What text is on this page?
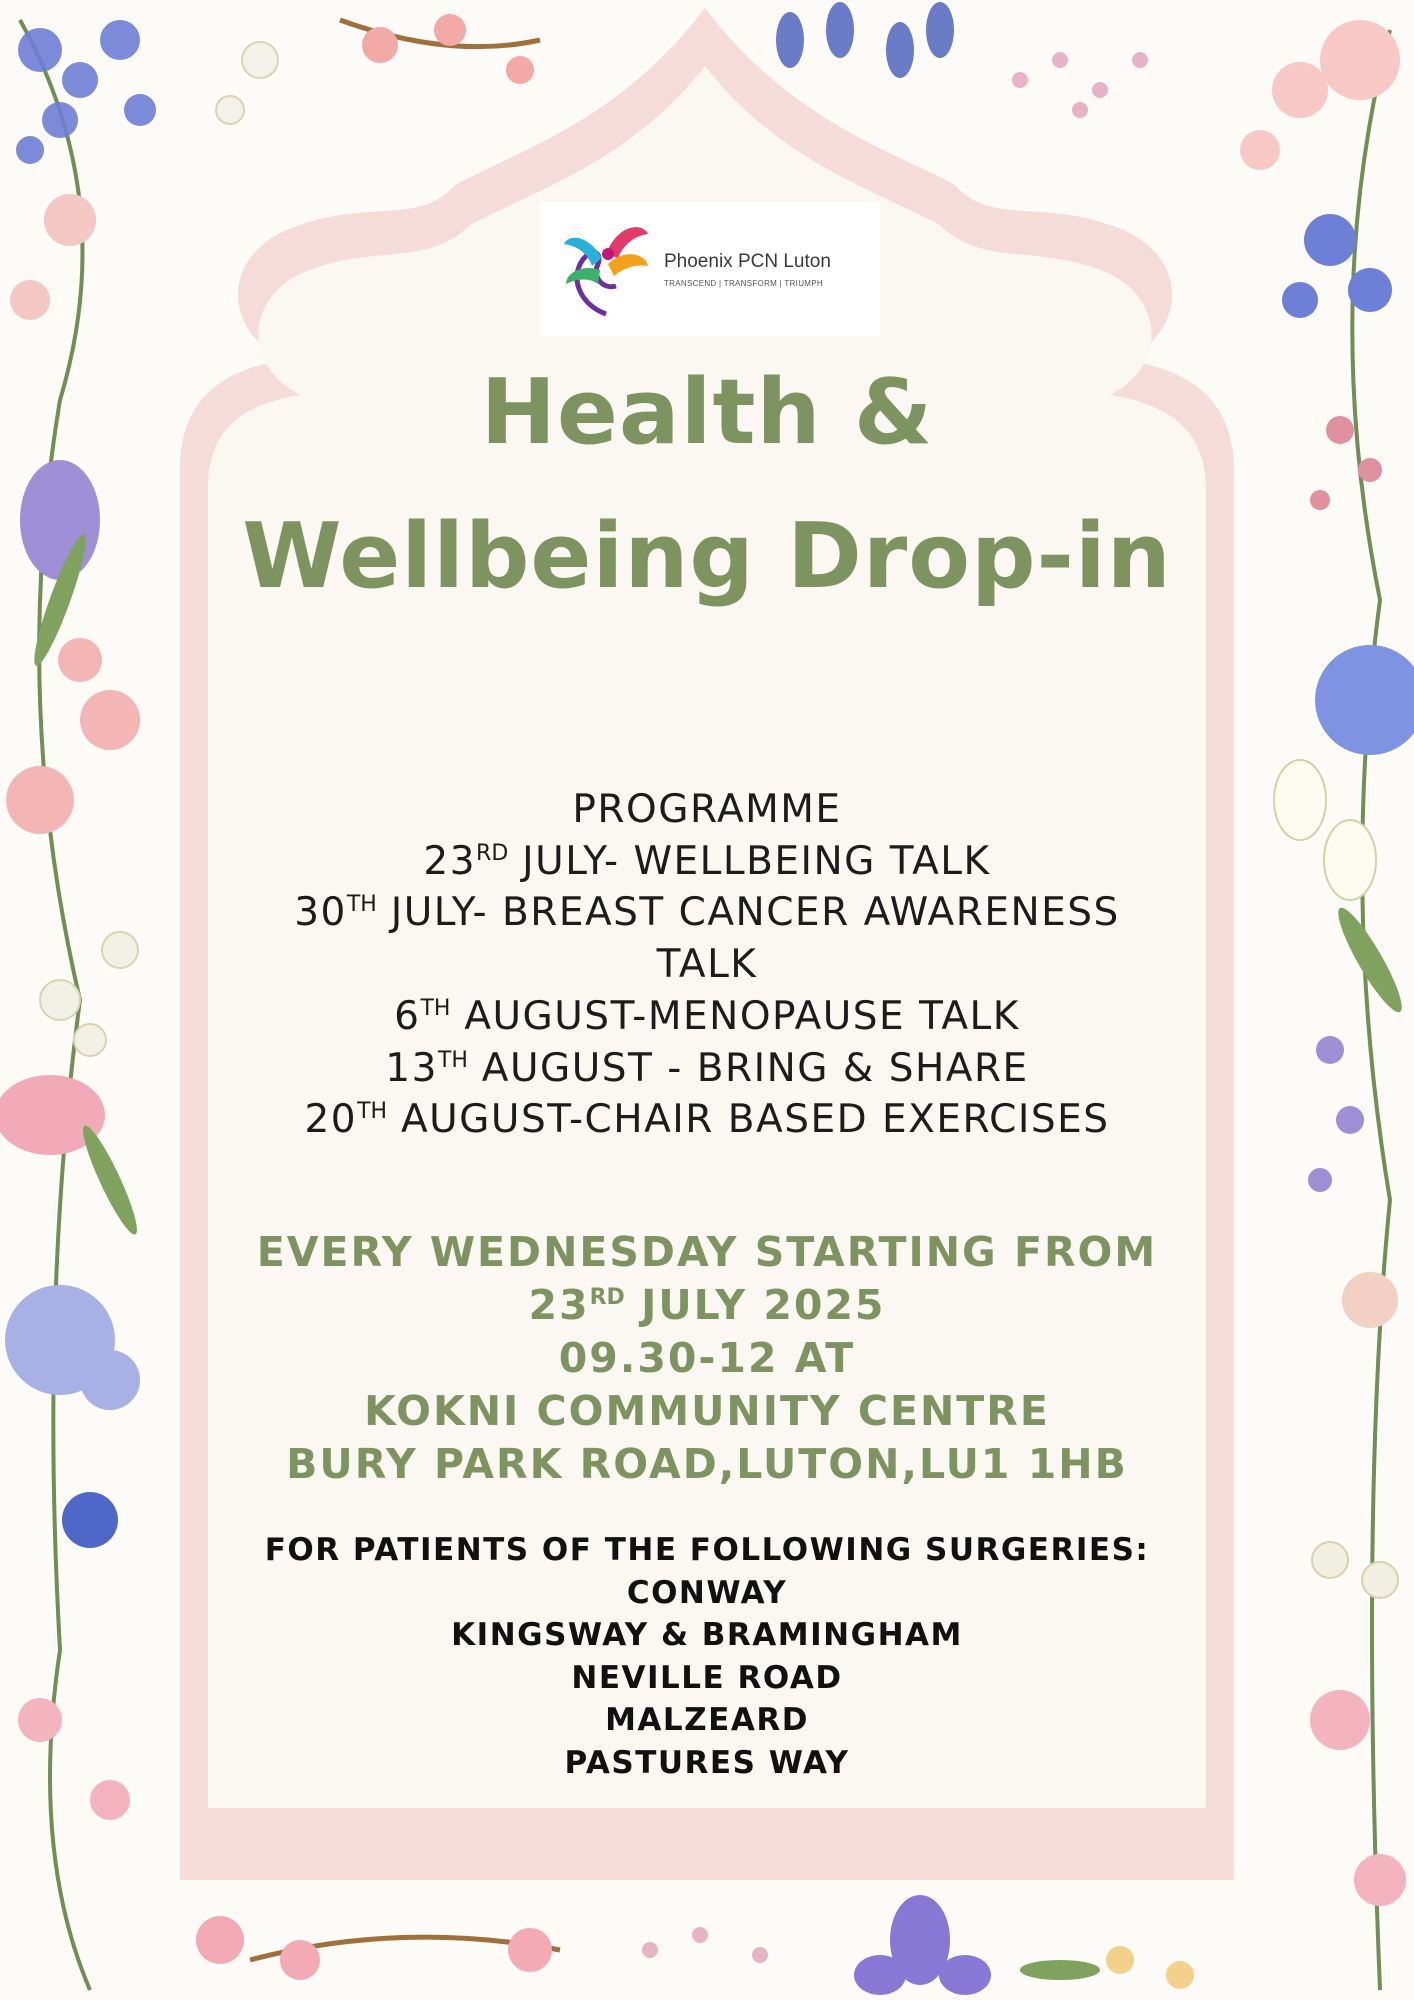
Phoenix PCN Luton
TRANSCEND | TRANSFORM | TRIUMPH
Health &
Wellbeing Drop-in
PROGRAMME
23RD JULY- WELLBEING TALK
30TH JULY- BREAST CANCER AWARENESS
TALK
6TH AUGUST-MENOPAUSE TALK
13TH AUGUST - BRING & SHARE
20TH AUGUST-CHAIR BASED EXERCISES
EVERY WEDNESDAY STARTING FROM
23RD JULY 2025
09.30-12 AT
KOKNI COMMUNITY CENTRE
BURY PARK ROAD,LUTON,LU1 1HB
FOR PATIENTS OF THE FOLLOWING SURGERIES:
CONWAY
KINGSWAY & BRAMINGHAM
NEVILLE ROAD
MALZEARD
PASTURES WAY
